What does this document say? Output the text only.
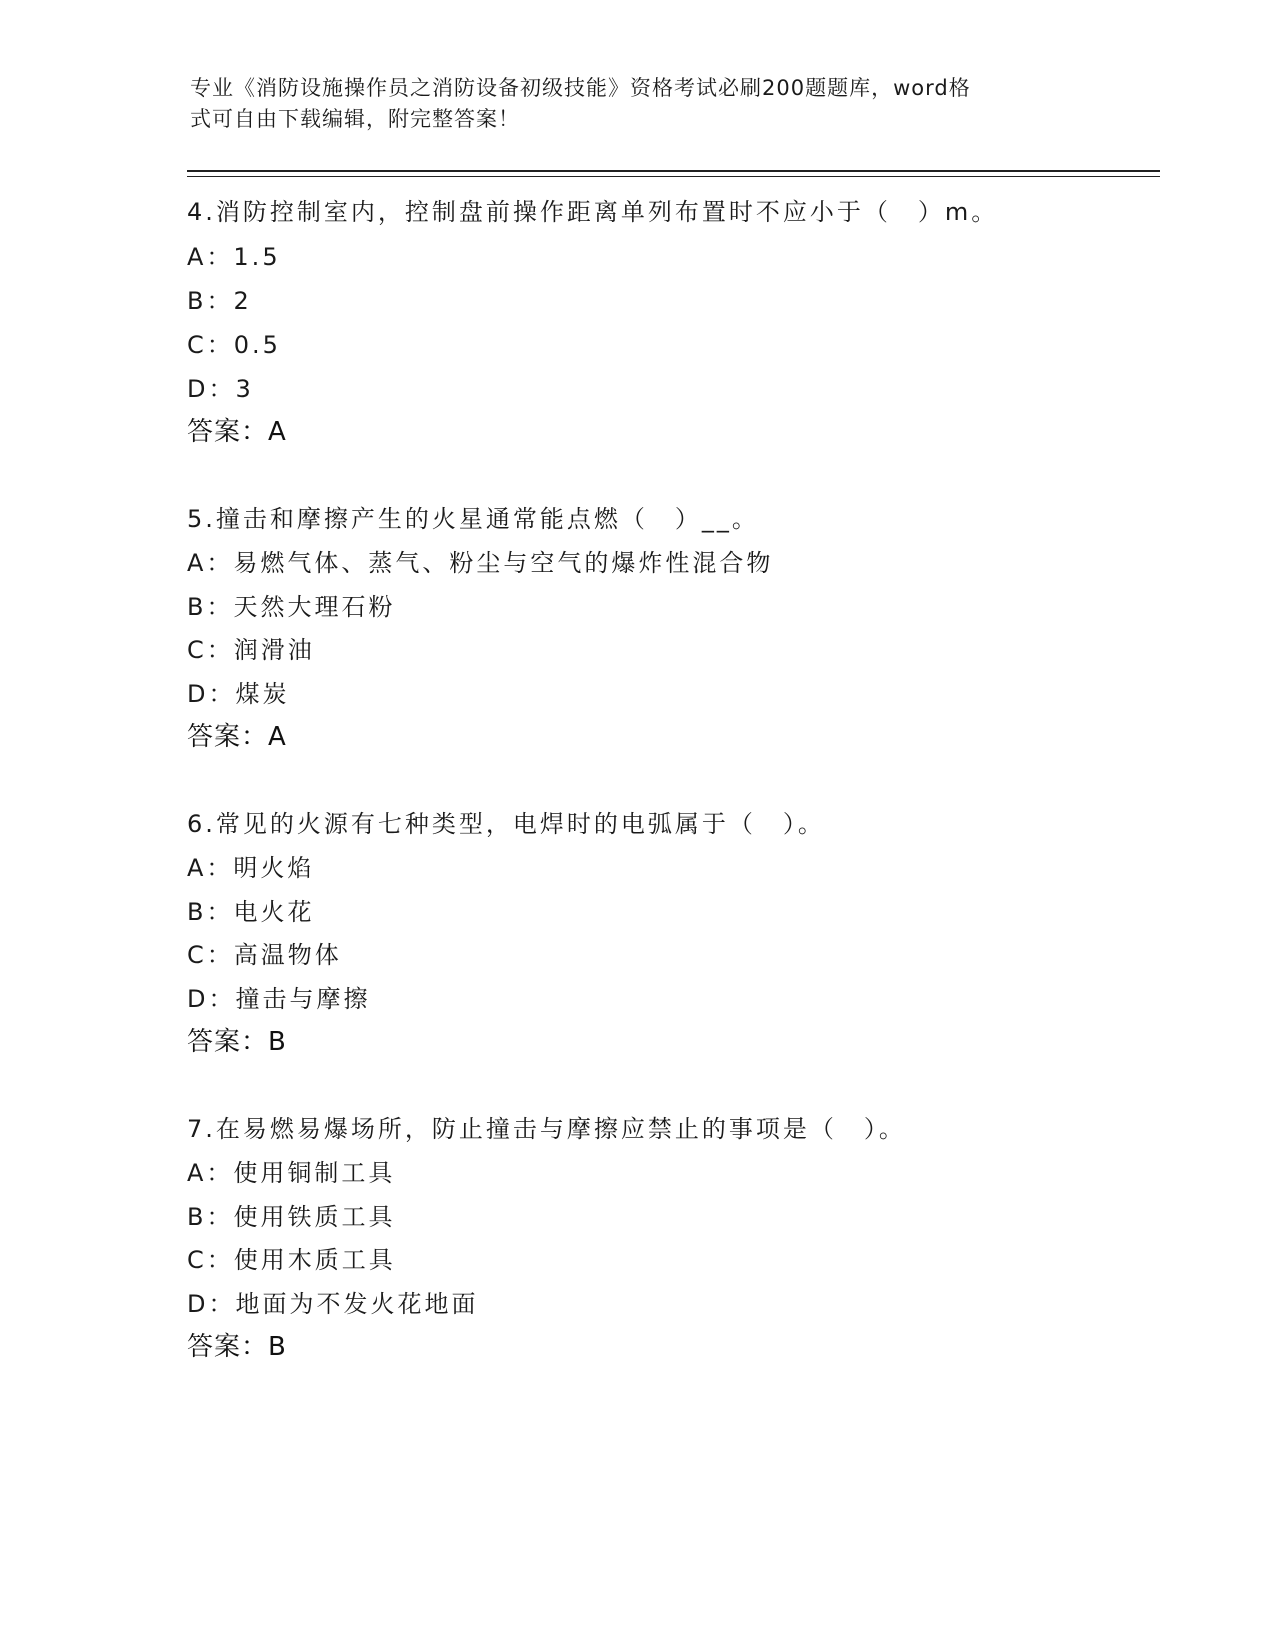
专业《消防设施操作员之消防设备初级技能》资格考试必刷200题题库，word格
式可自由下载编辑，附完整答案！
4.消防控制室内，控制盘前操作距离单列布置时不应小于（　）m。
A：1.5
B：2
C：0.5
D：3
答案：A
5.撞击和摩擦产生的火星通常能点燃（　）__。
A：易燃气体、蒸气、粉尘与空气的爆炸性混合物
B：天然大理石粉
C：润滑油
D：煤炭
答案：A
6.常见的火源有七种类型，电焊时的电弧属于（　）。
A：明火焰
B：电火花
C：高温物体
D：撞击与摩擦
答案：B
7.在易燃易爆场所，防止撞击与摩擦应禁止的事项是（　）。
A：使用铜制工具
B：使用铁质工具
C：使用木质工具
D：地面为不发火花地面
答案：B
